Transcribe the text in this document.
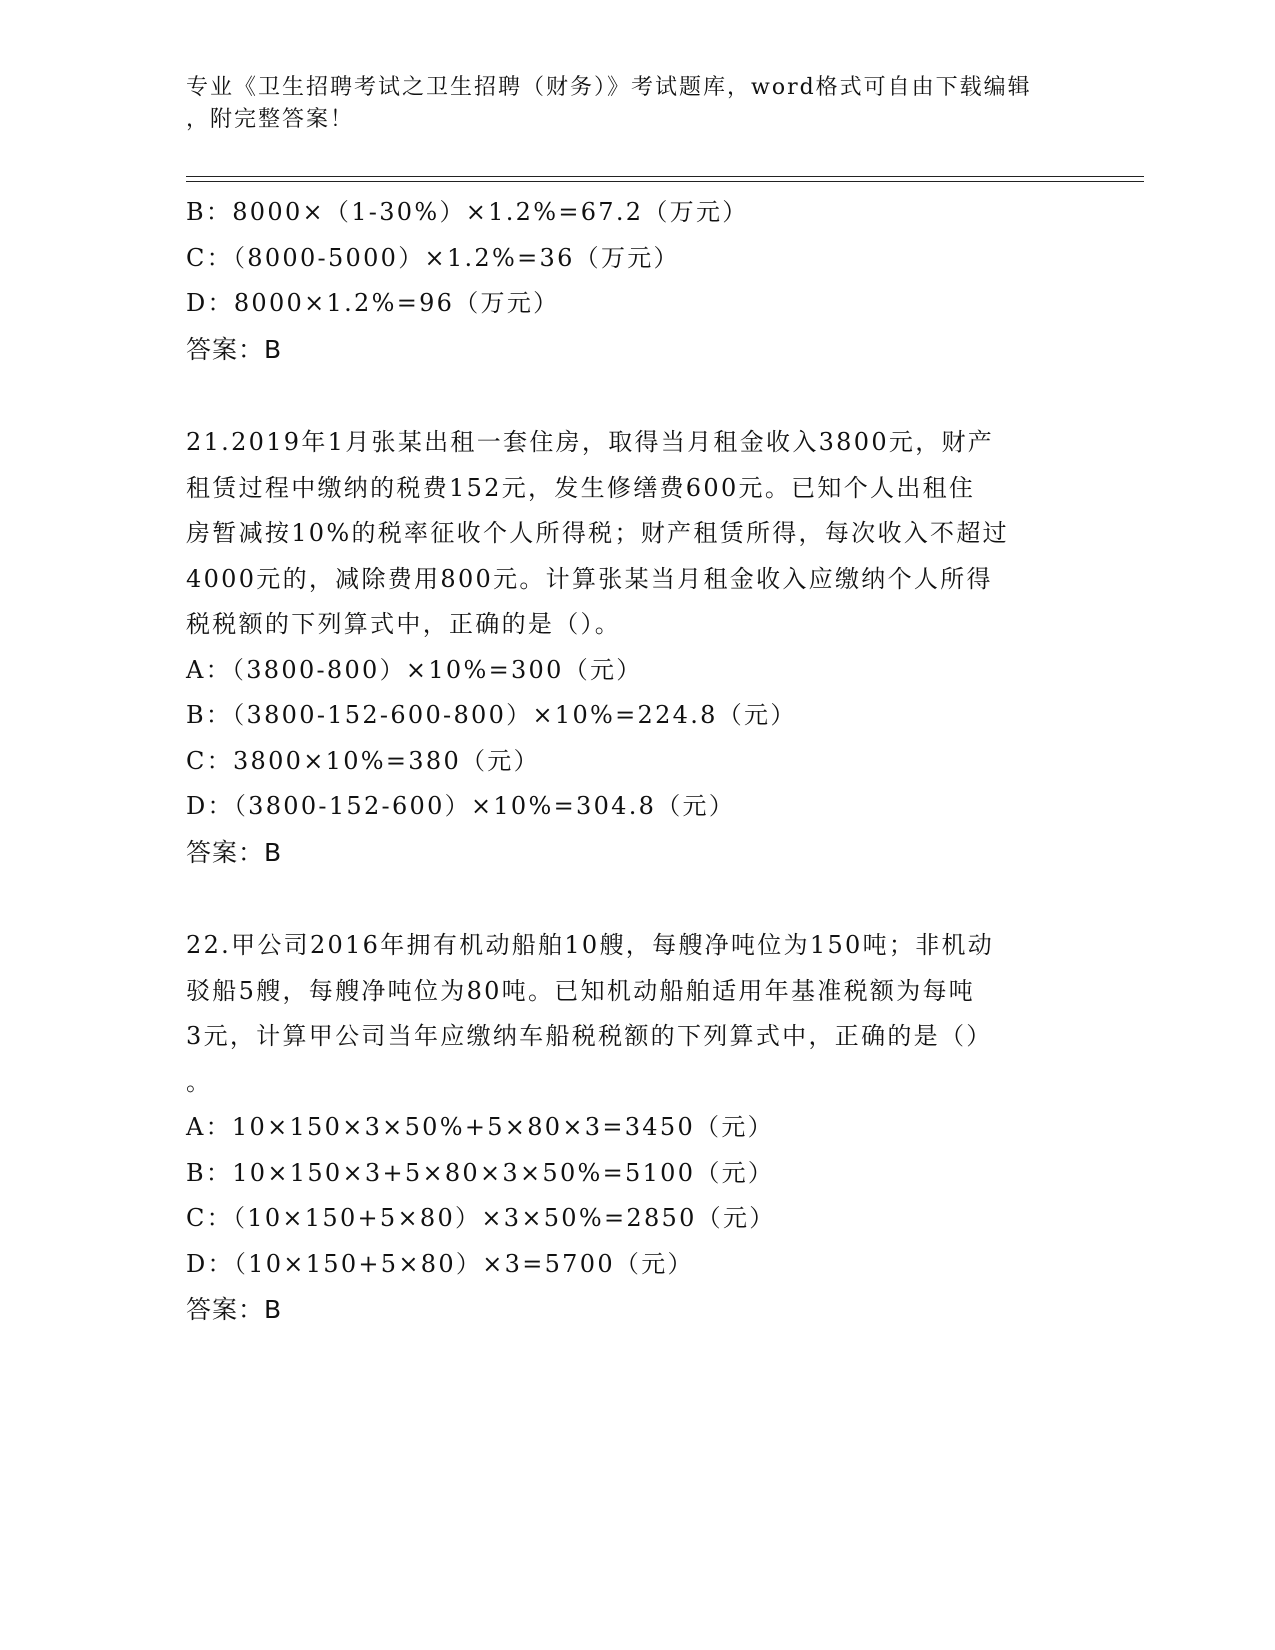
专业《卫生招聘考试之卫生招聘（财务）》考试题库，word格式可自由下载编辑
，附完整答案！
B：8000×（1-30%）×1.2%=67.2（万元）
C：（8000-5000）×1.2%=36（万元）
D：8000×1.2%=96（万元）
答案：B
21.2019年1月张某出租一套住房，取得当月租金收入3800元，财产
租赁过程中缴纳的税费152元，发生修缮费600元。已知个人出租住
房暂减按10%的税率征收个人所得税；财产租赁所得，每次收入不超过
4000元的，减除费用800元。计算张某当月租金收入应缴纳个人所得
税税额的下列算式中，正确的是（）。
A：（3800-800）×10%=300（元）
B：（3800-152-600-800）×10%=224.8（元）
C：3800×10%=380（元）
D：（3800-152-600）×10%=304.8（元）
答案：B
22.甲公司2016年拥有机动船舶10艘，每艘净吨位为150吨；非机动
驳船5艘，每艘净吨位为80吨。已知机动船舶适用年基准税额为每吨
3元，计算甲公司当年应缴纳车船税税额的下列算式中，正确的是（）
。
A：10×150×3×50%+5×80×3=3450（元）
B：10×150×3+5×80×3×50%=5100（元）
C：（10×150+5×80）×3×50%=2850（元）
D：（10×150+5×80）×3=5700（元）
答案：B
